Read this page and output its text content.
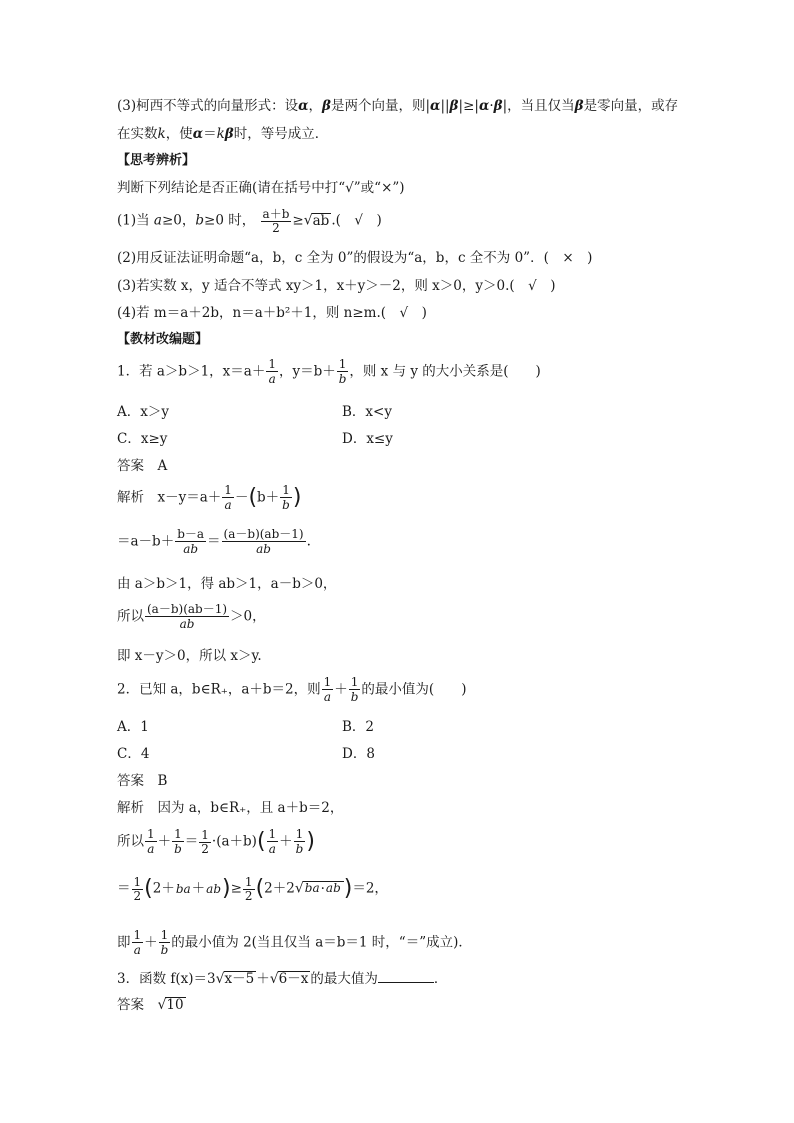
(3)柯西不等式的向量形式：设α，β是两个向量，则|α||β|≥|α·β|，当且仅当β是零向量，或存
在实数k，使α＝kβ时，等号成立．
【思考辨析】
判断下列结论是否正确(请在括号中打“√”或“×”)
(1)当 a≥0，b≥0 时， $\frac{a+b}{2} \ge√ab$ .(　√　)
(2)用反证法证明命题“a，b，c 全为 0”的假设为“a，b，c 全不为 0”．(　×　)
(3)若实数 x，y 适合不等式 xy＞1，x＋y＞－2，则 x＞0，y＞0.(　√　)
(4)若 m＝a＋2b，n＝a＋b²＋1，则 n≥m.(　√　)
【教材改编题】
1．若 a＞b＞1，$x=a+ \frac{1}{a}$，$y=b+ \frac{1}{b}$，则 x 与 y 的大小关系是(　　)
A．x＞y	B．x<y
C．x≥y	D．x≤y
答案　A
解析　$x-y=a+ \frac{1}{a}-(b+ \frac{1}{b})$
$=a-b+ \frac{b-a}{ab}= \frac{(a-b)(ab-1)}{ab}$.
由 a＞b＞1，得 ab＞1，a－b＞0，
所以 $\frac{(a-b)(ab-1)}{ab}>0$，
即 x－y＞0，所以 x＞y.
2．已知 a，b∈R₊，a＋b＝2，则 $\frac{1}{a}+ \frac{1}{b}$的最小值为(　　)
A．1	B．2
C．4	D．8
答案　B
解析　因为 a，b∈R₊，且 a＋b＝2，
所以 $\frac{1}{a}+ \frac{1}{b}= \frac{1}{2} \cdot(a+b)( \frac{1}{a}+ \frac{1}{b})$
＝ $\frac{1}{2} (2+ba+ab)\ge \frac{1}{2} (2+2√ba\cdot ab$ )＝2，
即 $\frac{1}{a}+ \frac{1}{b}$的最小值为 2(当且仅当 a＝b＝1 时，“＝”成立)．
3．函数 f(x)＝3√x－5 ＋√6－x 的最大值为	．
答案　√10
